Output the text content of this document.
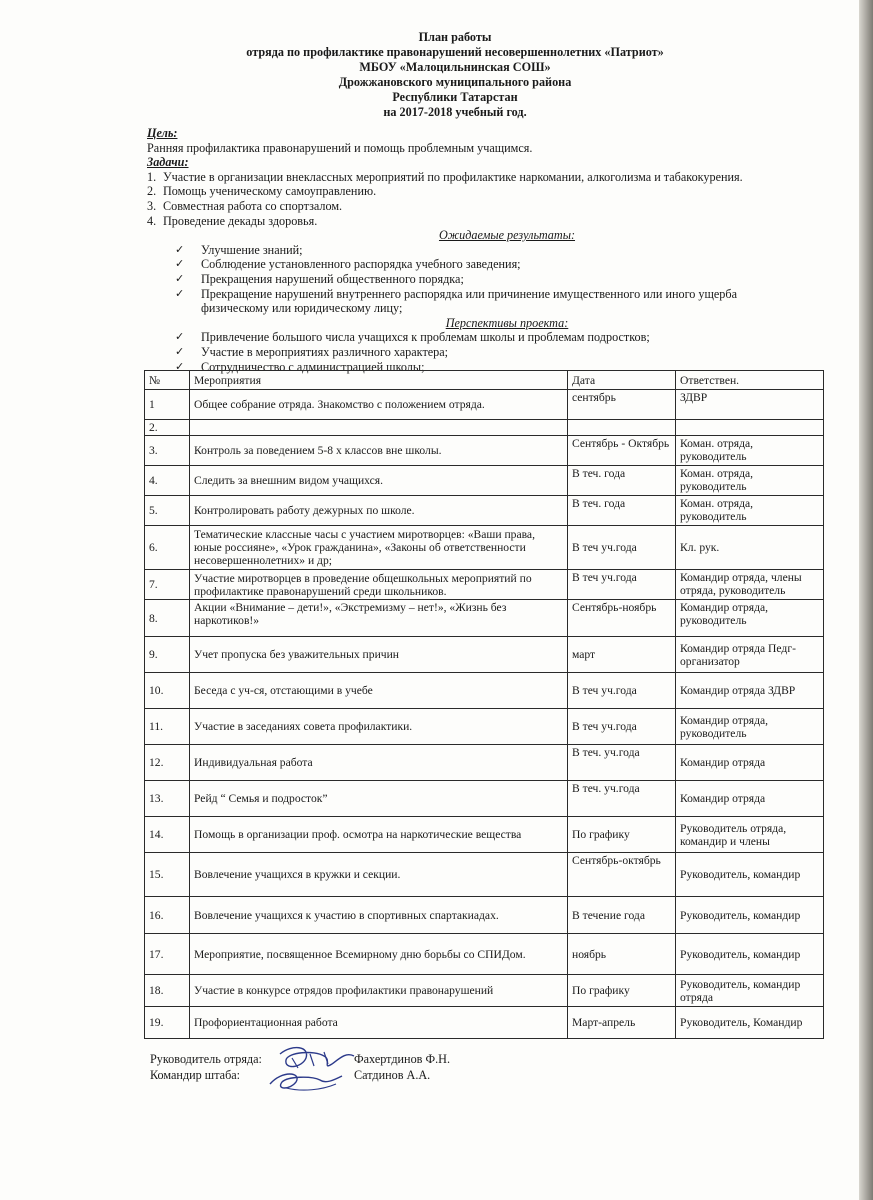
План работы
отряда по профилактике правонарушений несовершеннолетних «Патриот»
МБОУ «Малоцильнинская СОШ»
Дрожжановского муниципального района
Республики Татарстан
на 2017-2018 учебный год.
Цель:
Ранняя профилактика правонарушений и помощь проблемным учащимся.
Задачи:
1. Участие в организации внеклассных мероприятий по профилактике наркомании, алкоголизма и табакокурения.
2. Помощь ученическому самоуправлению.
3. Совместная работа со спортзалом.
4. Проведение декады здоровья.
Ожидаемые результаты:
✓ Улучшение знаний;
✓ Соблюдение установленного распорядка учебного заведения;
✓ Прекращения нарушений общественного порядка;
✓ Прекращение нарушений внутреннего распорядка или причинение имущественного или иного ущерба физическому или юридическому лицу;
Перспективы проекта:
✓ Привлечение большого числа учащихся к проблемам школы и проблемам подростков;
✓ Участие в мероприятиях различного характера;
✓ Сотрудничество с администрацией школы;
№	Мероприятия	Дата	Ответствен.
1	Общее собрание отряда. Знакомство с положением отряда.	сентябрь	ЗДВР
2.			
3.	Контроль за поведением 5-8 х классов вне школы.	Сентябрь - Октябрь	Коман. отряда, руководитель
4.	Следить за внешним видом учащихся.	В теч. года	Коман. отряда, руководитель
5.	Контролировать работу дежурных по школе.	В теч. года	Коман. отряда, руководитель
6.	Тематические классные часы с участием миротворцев: «Ваши права, юные россияне», «Урок гражданина», «Законы об ответственности несовершеннолетних» и др;	В теч уч.года	Кл. рук.
7.	Участие миротворцев в проведение общешкольных мероприятий по профилактике правонарушений среди школьников.	В теч уч.года	Командир отряда, члены отряда, руководитель
8.	Акции «Внимание – дети!», «Экстремизму – нет!», «Жизнь без наркотиков!»	Сентябрь-ноябрь	Командир отряда, руководитель
9.	Учет пропуска без уважительных причин	март	Командир отряда Педг-организатор
10.	Беседа с уч-ся, отстающими в учебе	В теч уч.года	Командир отряда ЗДВР
11.	Участие в заседаниях совета профилактики.	В теч уч.года	Командир отряда, руководитель
12.	Индивидуальная работа	В теч. уч.года	Командир отряда
13.	Рейд “ Семья и подросток”	В теч. уч.года	Командир отряда
14.	Помощь в организации проф. осмотра на наркотические вещества	По графику	Руководитель отряда, командир и члены
15.	Вовлечение учащихся в кружки и секции.	Сентябрь-октябрь	Руководитель, командир
16.	Вовлечение учащихся к участию в спортивных спартакиадах.	В течение года	Руководитель, командир
17.	Мероприятие, посвященное Всемирному дню борьбы со СПИДом.	ноябрь	Руководитель, командир
18.	Участие в конкурсе отрядов профилактики правонарушений	По графику	Руководитель, командир отряда
19.	Профориентационная работа	Март-апрель	Руководитель, Командир
Руководитель отряда:	Фахертдинов Ф.Н.
Командир штаба:	Сатдинов А.А.
